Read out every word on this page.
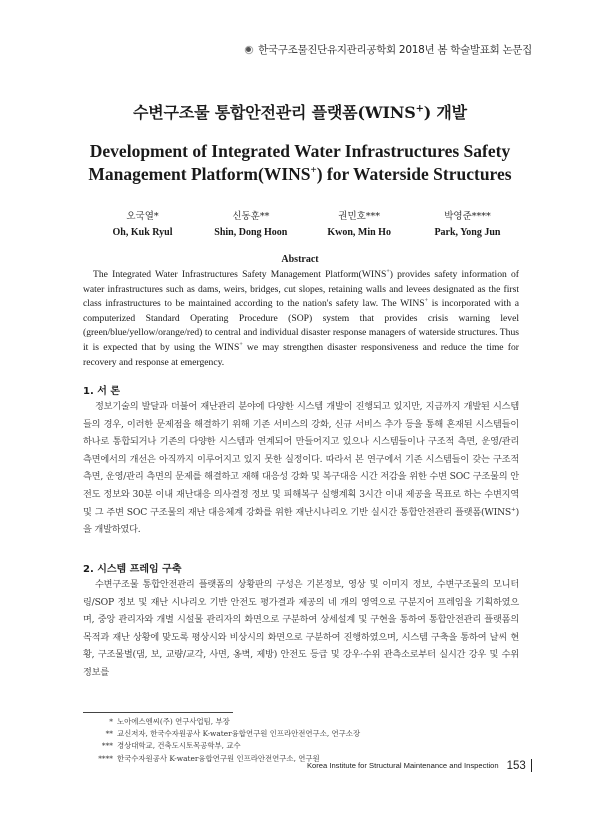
한국구조물진단유지관리공학회 2018년 봄 학술발표회 논문집
수변구조물 통합안전관리 플랫폼(WINS+) 개발
Development of Integrated Water Infrastructures Safety
Management Platform(WINS+) for Waterside Structures
오국열*
Oh, Kuk Ryul
신동훈**
Shin, Dong Hoon
권민호***
Kwon, Min Ho
박영준****
Park, Yong Jun
Abstract
The Integrated Water Infrastructures Safety Management Platform(WINS+) provides safety information of water infrastructures such as dams, weirs, bridges, cut slopes, retaining walls and levees designated as the first class infrastructures to be maintained according to the nation's safety law. The WINS+ is incorporated with a computerized Standard Operating Procedure (SOP) system that provides crisis warning level (green/blue/yellow/orange/red) to central and individual disaster response managers of waterside structures. Thus it is expected that by using the WINS+ we may strengthen disaster responsiveness and reduce the time for recovery and response at emergency.
1. 서 론
정보기술의 발달과 더불어 재난관리 분야에 다양한 시스템 개발이 진행되고 있지만, 지금까지 개발된 시스템들의 경우, 이러한 문제점을 해결하기 위해 기존 서비스의 강화, 신규 서비스 추가 등을 통해 혼재된 시스템들이 하나로 통합되거나 기존의 다양한 시스템과 연계되어 만들어지고 있으나 시스템들이나 구조적 측면, 운영/관리 측면에서의 개선은 아직까지 이루어지고 있지 못한 실정이다. 따라서 본 연구에서 기존 시스템들이 갖는 구조적 측면, 운영/관리 측면의 문제를 해결하고 재해 대응성 강화 및 복구대응 시간 저감을 위한 수변 SOC 구조물의 안전도 정보와 30분 이내 재난대응 의사결정 정보 및 피해복구 실행계획 3시간 이내 제공을 목표로 하는 수변지역 및 그 주변 SOC 구조물의 재난 대응체계 강화를 위한 재난시나리오 기반 실시간 통합안전관리 플랫폼(WINS+)을 개발하였다.
2. 시스템 프레임 구축
수변구조물 통합안전관리 플랫폼의 상황판의 구성은 기본정보, 영상 및 이미지 정보, 수변구조물의 모니터링/SOP 정보 및 재난 시나리오 기반 안전도 평가결과 제공의 네 개의 영역으로 구분지어 프레임을 기획하였으며, 중앙 관리자와 개별 시설물 관리자의 화면으로 구분하여 상세설계 및 구현을 통하여 통합안전관리 플랫폼의 목적과 재난 상황에 맞도록 평상시와 비상시의 화면으로 구분하여 진행하였으며, 시스템 구축을 통하여 날씨 현황, 구조물별(댐, 보, 교량/교각, 사면, 옹벽, 제방) 안전도 등급 및 강우·수위 관측소로부터 실시간 강우 및 수위 정보를
* 노아에스엔씨(주) 연구사업팀, 부장
** 교신저자, 한국수자원공사 K-water융합연구원 인프라안전연구소, 연구소장
*** 경상대학교, 건축도시토목공학부, 교수
**** 한국수자원공사 K-water융합연구원 인프라안전연구소, 연구원
Korea Institute for Structural Maintenance and Inspection 153
